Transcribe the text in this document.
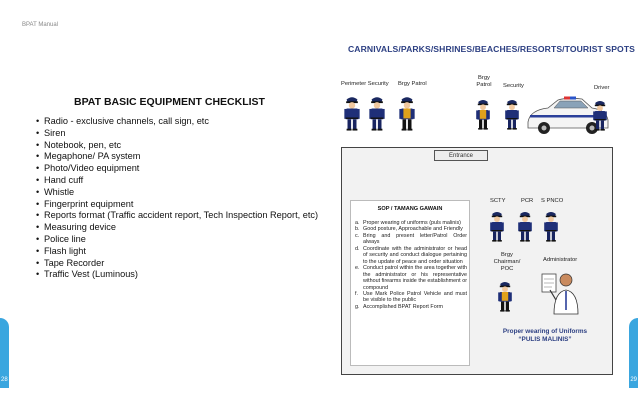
BPAT Manual
CARNIVALS/PARKS/SHRINES/BEACHES/RESORTS/TOURIST SPOTS
BPAT BASIC EQUIPMENT CHECKLIST
• Radio - exclusive channels, call sign, etc
• Siren
• Notebook, pen, etc
• Megaphone/ PA system
• Photo/Video equipment
• Hand cuff
• Whistle
• Fingerprint equipment
• Reports format (Traffic accident report, Tech Inspection Report, etc)
• Measuring device
• Police line
• Flash light
• Tape Recorder
• Traffic Vest (Luminous)
Perimeter Security Brgy Patrol
Brgy Patrol	Security	Driver
Entrance
SOP / TAMANG GAWAIN
a. Proper wearing of uniforms (puls malinis)
b. Good posture, Approachable and Friendly
c. Bring and present letter/Patrol Order always
d. Coordinate with the administrator or head of security and conduct dialogue pertaining to the update of peace and order situation
e. Conduct patrol within the area together with the administrator or his representative without firearms inside the establishment or compound
f. Use Mark Police Patrol Vehicle and must be visible to the public
g. Accomplished BPAT Report Form
SCTY	PCR S PNCO
Brgy Chairman/ POC
Administrator
Proper wearing of Uniforms
“PULIS MALINIS”
28	29
